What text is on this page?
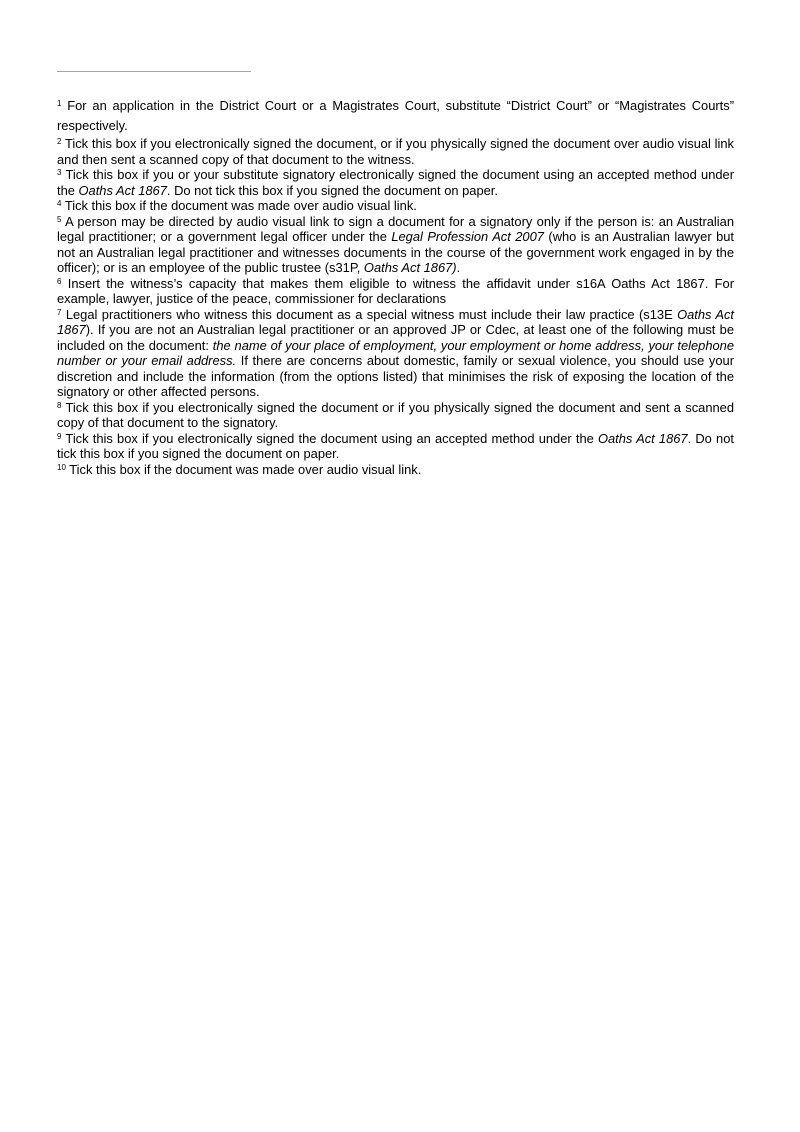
$^1$ For an application in the District Court or a Magistrates Court, substitute “District Court” or “Magistrates Courts” respectively.

$^2$ Tick this box if you electronically signed the document, or if you physically signed the document over audio visual link and then sent a scanned copy of that document to the witness.

$^3$ Tick this box if you or your substitute signatory electronically signed the document using an accepted method under the Oaths Act 1867. Do not tick this box if you signed the document on paper.

$^4$ Tick this box if the document was made over audio visual link.

$^5$ A person may be directed by audio visual link to sign a document for a signatory only if the person is: an Australian legal practitioner; or a government legal officer under the Legal Profession Act 2007 (who is an Australian lawyer but not an Australian legal practitioner and witnesses documents in the course of the government work engaged in by the officer); or is an employee of the public trustee (s31P, Oaths Act 1867).

$^6$ Insert the witness’s capacity that makes them eligible to witness the affidavit under s16A Oaths Act 1867. For example, lawyer, justice of the peace, commissioner for declarations

$^7$ Legal practitioners who witness this document as a special witness must include their law practice (s13E Oaths Act 1867). If you are not an Australian legal practitioner or an approved JP or Cdec, at least one of the following must be included on the document: the name of your place of employment, your employment or home address, your telephone number or your email address. If there are concerns about domestic, family or sexual violence, you should use your discretion and include the information (from the options listed) that minimises the risk of exposing the location of the signatory or other affected persons.

$^8$ Tick this box if you electronically signed the document or if you physically signed the document and sent a scanned copy of that document to the signatory.

$^9$ Tick this box if you electronically signed the document using an accepted method under the Oaths Act 1867. Do not tick this box if you signed the document on paper.

$^{10}$ Tick this box if the document was made over audio visual link.
